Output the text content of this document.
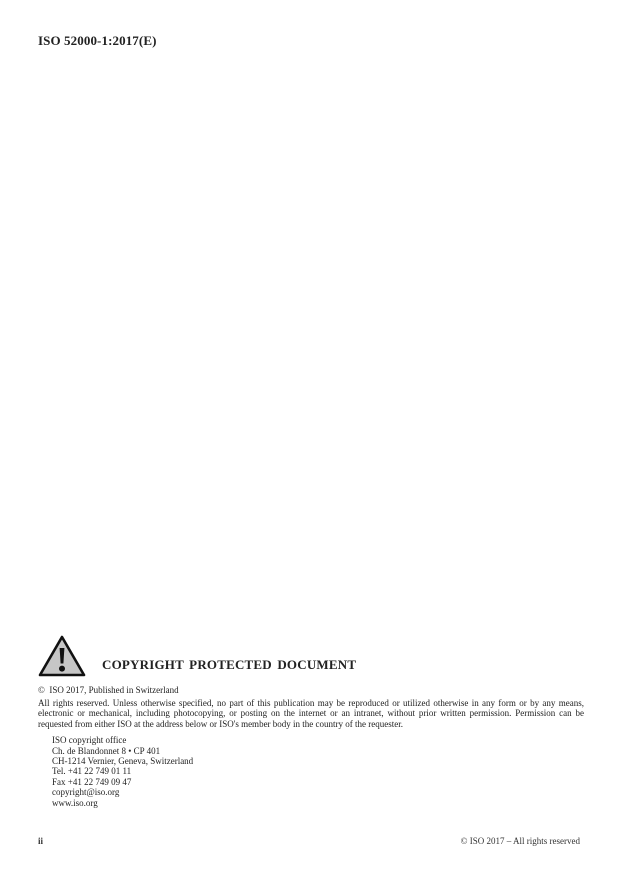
ISO 52000-1:2017(E)
COPYRIGHT PROTECTED DOCUMENT

© ISO 2017, Published in Switzerland

All rights reserved. Unless otherwise specified, no part of this publication may be reproduced or utilized otherwise in any form or by any means, electronic or mechanical, including photocopying, or posting on the internet or an intranet, without prior written permission. Permission can be requested from either ISO at the address below or ISO's member body in the country of the requester.

ISO copyright office
Ch. de Blandonnet 8 • CP 401
CH-1214 Vernier, Geneva, Switzerland
Tel. +41 22 749 01 11
Fax +41 22 749 09 47
copyright@iso.org
www.iso.org
ii	© ISO 2017 – All rights reserved
